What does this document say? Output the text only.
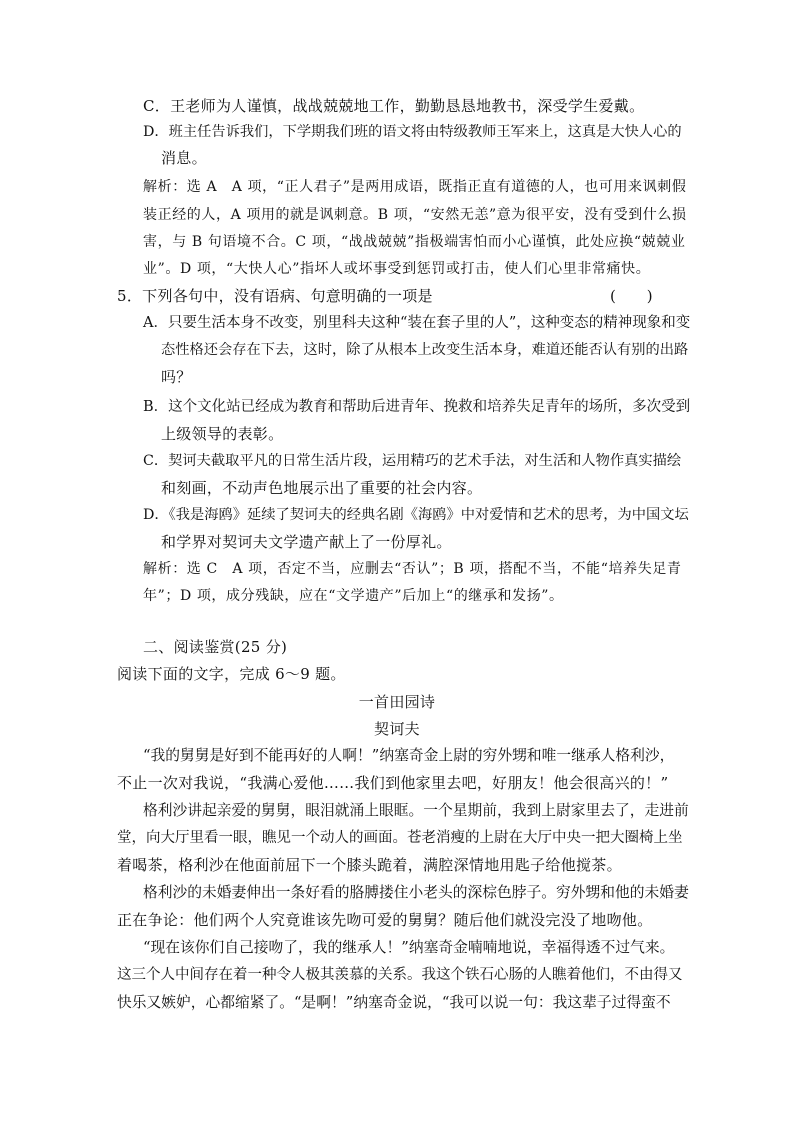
C．王老师为人谨慎，战战兢兢地工作，勤勤恳恳地教书，深受学生爱戴。
D．班主任告诉我们，下学期我们班的语文将由特级教师王军来上，这真是大快人心的
消息。
解析：选 A　A 项，“正人君子”是两用成语，既指正直有道德的人，也可用来讽刺假
装正经的人，A 项用的就是讽刺意。B 项，“安然无恙”意为很平安，没有受到什么损
害，与 B 句语境不合。C 项，“战战兢兢”指极端害怕而小心谨慎，此处应换“兢兢业
业”。D 项，“大快人心”指坏人或坏事受到惩罚或打击，使人们心里非常痛快。
5．下列各句中，没有语病、句意明确的一项是	(　　)
A．只要生活本身不改变，别里科夫这种“装在套子里的人”，这种变态的精神现象和变
态性格还会存在下去，这时，除了从根本上改变生活本身，难道还能否认有别的出路
吗？
B．这个文化站已经成为教育和帮助后进青年、挽救和培养失足青年的场所，多次受到
上级领导的表彰。
C．契诃夫截取平凡的日常生活片段，运用精巧的艺术手法，对生活和人物作真实描绘
和刻画，不动声色地展示出了重要的社会内容。
D．《我是海鸥》延续了契诃夫的经典名剧《海鸥》中对爱情和艺术的思考，为中国文坛
和学界对契诃夫文学遗产献上了一份厚礼。
解析：选 C　A 项，否定不当，应删去“否认”；B 项，搭配不当，不能“培养失足青
年”；D 项，成分残缺，应在“文学遗产”后加上“的继承和发扬”。
二、阅读鉴赏(25 分)
阅读下面的文字，完成 6～9 题。
一首田园诗
契诃夫
“我的舅舅是好到不能再好的人啊！”纳塞奇金上尉的穷外甥和唯一继承人格利沙，
不止一次对我说，“我满心爱他……我们到他家里去吧，好朋友！他会很高兴的！”
格利沙讲起亲爱的舅舅，眼泪就涌上眼眶。一个星期前，我到上尉家里去了，走进前
堂，向大厅里看一眼，瞧见一个动人的画面。苍老消瘦的上尉在大厅中央一把大圈椅上坐
着喝茶，格利沙在他面前屈下一个膝头跪着，满腔深情地用匙子给他搅茶。
格利沙的未婚妻伸出一条好看的胳膊搂住小老头的深棕色脖子。穷外甥和他的未婚妻
正在争论：他们两个人究竟谁该先吻可爱的舅舅？随后他们就没完没了地吻他。
“现在该你们自己接吻了，我的继承人！”纳塞奇金喃喃地说，幸福得透不过气来。
这三个人中间存在着一种令人极其羡慕的关系。我这个铁石心肠的人瞧着他们，不由得又
快乐又嫉妒，心都缩紧了。“是啊！”纳塞奇金说，“我可以说一句：我这辈子过得蛮不
